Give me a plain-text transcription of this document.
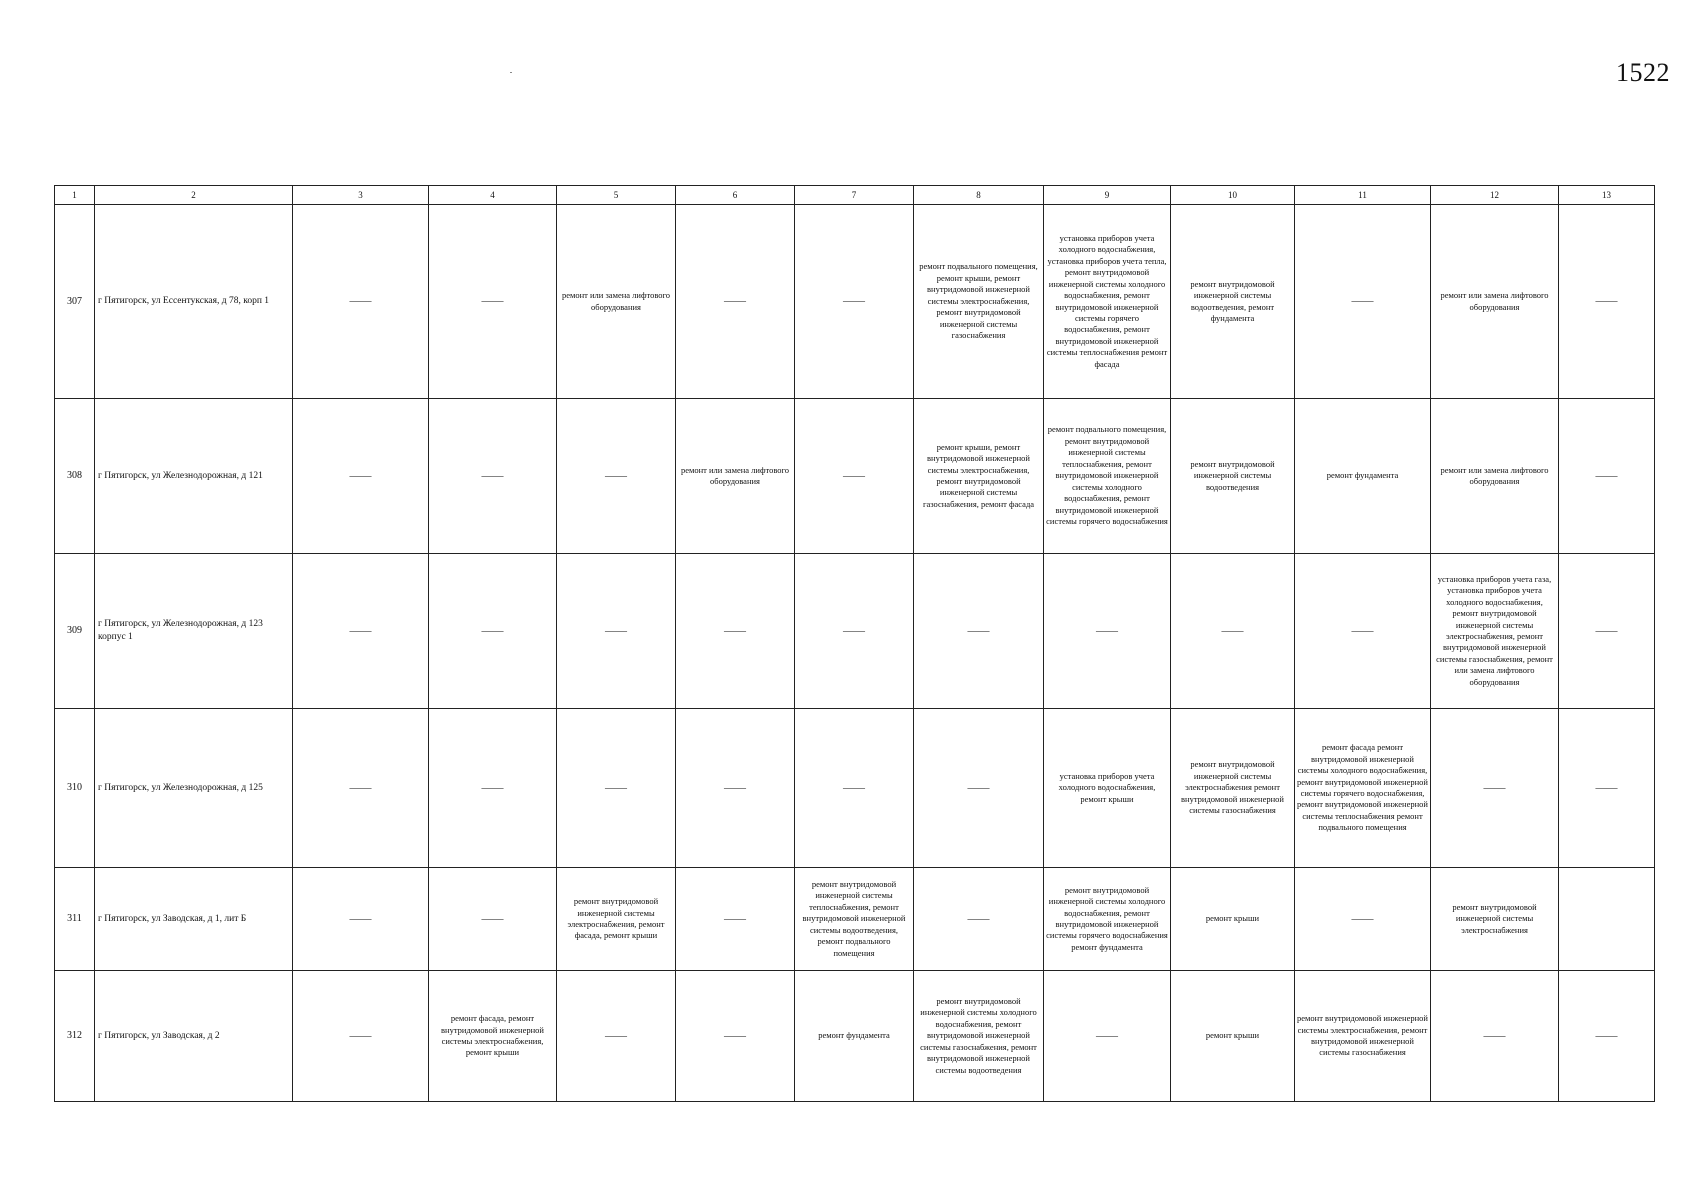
1522
1	2	3	4	5	6	7	8	9	10	11	12	13
307	г Пятигорск, ул Ессентукская, д 78, корп 1	——	——	ремонт или замена лифтового оборудования	——	——	ремонт подвального помещения, ремонт крыши, ремонт внутридомовой инженерной системы электроснабжения, ремонт внутридомовой инженерной системы газоснабжения	установка приборов учета холодного водоснабжения, установка приборов учета тепла, ремонт внутридомовой инженерной системы холодного водоснабжения, ремонт внутридомовой инженерной системы горячего водоснабжения, ремонт внутридомовой инженерной системы теплоснабжения ремонт фасада	ремонт внутридомовой инженерной системы водоотведения, ремонт фундамента	——	ремонт или замена лифтового оборудования	——
308	г Пятигорск, ул Железнодорожная, д 121	——	——	——	ремонт или замена лифтового оборудования	——	ремонт крыши, ремонт внутридомовой инженерной системы электроснабжения, ремонт внутридомовой инженерной системы газоснабжения, ремонт фасада	ремонт подвального помещения, ремонт внутридомовой инженерной системы теплоснабжения, ремонт внутридомовой инженерной системы холодного водоснабжения, ремонт внутридомовой инженерной системы горячего водоснабжения	ремонт внутридомовой инженерной системы водоотведения	ремонт фундамента	ремонт или замена лифтового оборудования	——
309	г Пятигорск, ул Железнодорожная, д 123 корпус 1	——	——	——	——	——	——	——	——	——	установка приборов учета газа, установка приборов учета холодного водоснабжения, ремонт внутридомовой инженерной системы электроснабжения, ремонт внутридомовой инженерной системы газоснабжения, ремонт или замена лифтового оборудования	——
310	г Пятигорск, ул Железнодорожная, д 125	——	——	——	——	——	——	установка приборов учета холодного водоснабжения, ремонт крыши	ремонт внутридомовой инженерной системы электроснабжения ремонт внутридомовой инженерной системы газоснабжения	ремонт фасада ремонт внутридомовой инженерной системы холодного водоснабжения, ремонт внутридомовой инженерной системы горячего водоснабжения, ремонт внутридомовой инженерной системы теплоснабжения ремонт подвального помещения	——	——
311	г Пятигорск, ул Заводская, д 1, лит Б	——	——	ремонт внутридомовой инженерной системы электроснабжения, ремонт фасада, ремонт крыши	——	ремонт внутридомовой инженерной системы теплоснабжения, ремонт внутридомовой инженерной системы водоотведения, ремонт подвального помещения	——	ремонт внутридомовой инженерной системы холодного водоснабжения, ремонт внутридомовой инженерной системы горячего водоснабжения ремонт фундамента	ремонт крыши	——	ремонт внутридомовой инженерной системы электроснабжения	
312	г Пятигорск, ул Заводская, д 2	——	ремонт фасада, ремонт внутридомовой инженерной системы электроснабжения, ремонт крыши	——	——	ремонт фундамента	ремонт внутридомовой инженерной системы холодного водоснабжения, ремонт внутридомовой инженерной системы газоснабжения, ремонт внутридомовой инженерной системы водоотведения	——	ремонт крыши	ремонт внутридомовой инженерной системы электроснабжения, ремонт внутридомовой инженерной системы газоснабжения	——	——
